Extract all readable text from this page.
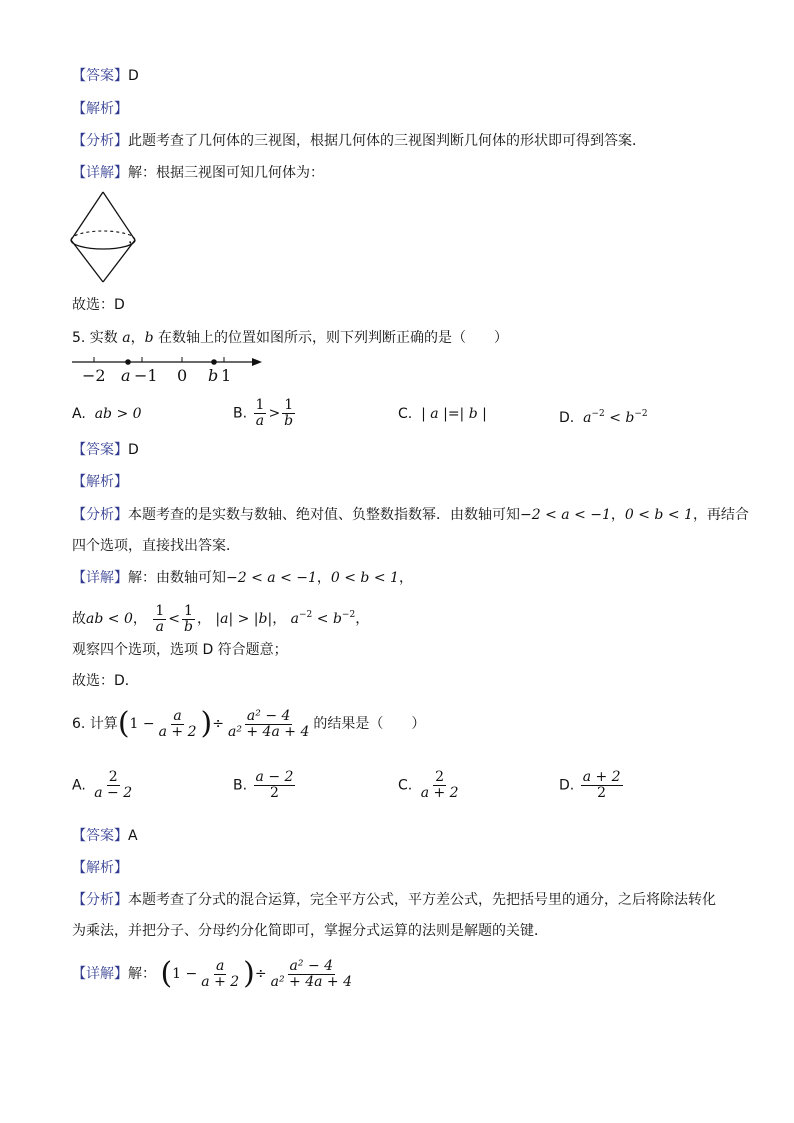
【答案】D
【解析】
【分析】此题考查了几何体的三视图，根据几何体的三视图判断几何体的形状即可得到答案．
【详解】解：根据三视图可知几何体为：
，
故选：D
5. 实数 a，b 在数轴上的位置如图所示，则下列判断正确的是（　　）
−2 a −1 0 b 1
A. ab > 0	B. $\frac{1}{a} > \frac{1}{b}$	C. | a |=| b |	D. $a^{-2} < b^{-2}$
【答案】D
【解析】
【分析】本题考查的是实数与数轴、绝对值、负整数指数幂．由数轴可知−2 < a < −1，0 < b < 1，再结合
四个选项，直接找出答案．
【详解】解：由数轴可知−2 < a < −1，0 < b < 1，
故ab < 0， $\frac{1}{a} < \frac{1}{b}$ ， |a| > |b|， $a^{-2} < b^{-2}$，
观察四个选项，选项 D 符合题意；
故选：D．
6. 计算($1 - \frac{a}{a + 2}$ )÷ $\frac{\text{a² − 4}}{\text{a² + 4a + 4}}$ 的结果是（　　）
A. $\frac{2}{a - 2}$	B. $\frac{a - 2}{2}$	C. $\frac{2}{a + 2}$	D. $\frac{a + 2}{2}$
【答案】A
【解析】
【分析】本题考查了分式的混合运算，完全平方公式，平方差公式，先把括号里的通分，之后将除法转化
为乘法，并把分子、分母约分化简即可，掌握分式运算的法则是解题的关键．
【详解】解： ($1 - \frac{a}{a + 2}$ )÷ $\frac{\text{a² − 4}}{\text{a² + 4a + 4}}$
